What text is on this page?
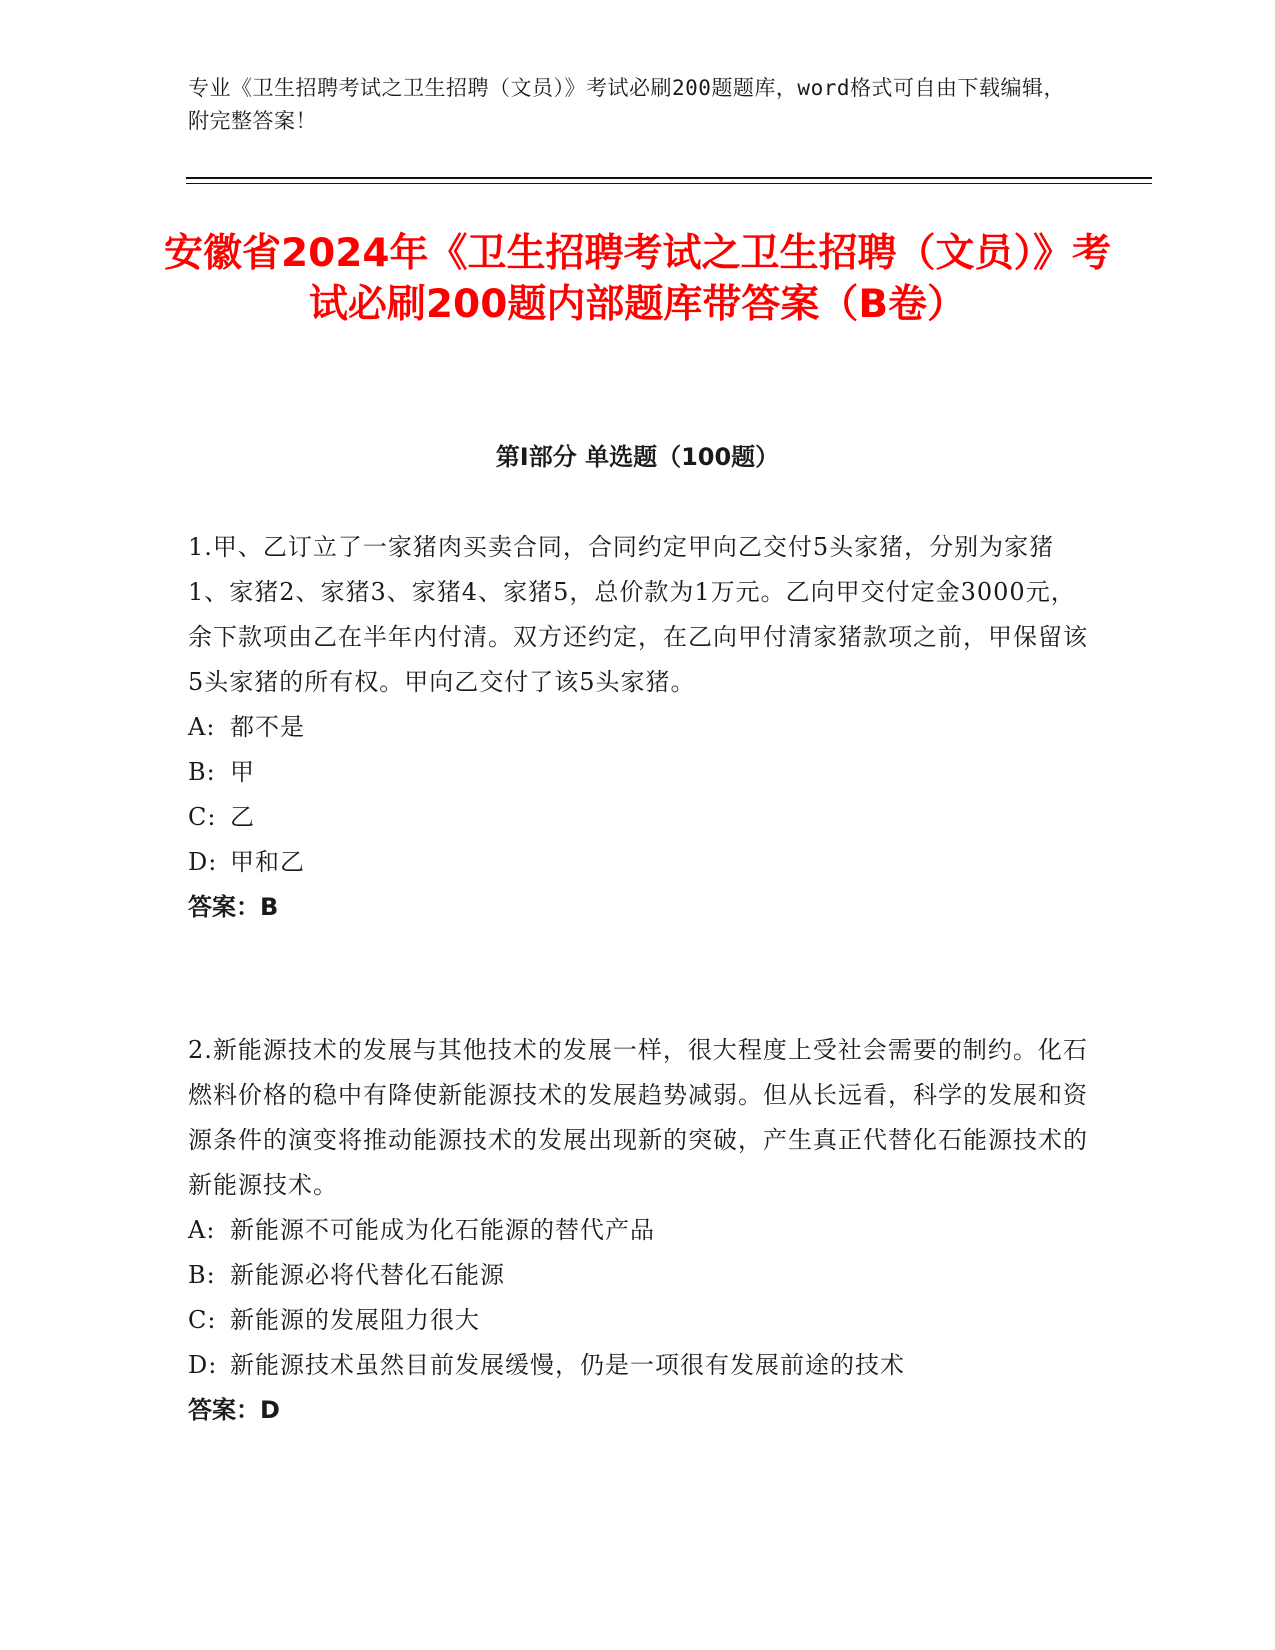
专业《卫生招聘考试之卫生招聘（文员）》考试必刷200题题库，word格式可自由下载编辑，附完整答案！
安徽省2024年《卫生招聘考试之卫生招聘（文员）》考试必刷200题内部题库带答案（B卷）
第I部分 单选题（100题）

1.甲、乙订立了一家猪肉买卖合同，合同约定甲向乙交付5头家猪，分别为家猪1、家猪2、家猪3、家猪4、家猪5，总价款为1万元。乙向甲交付定金3000元，余下款项由乙在半年内付清。双方还约定，在乙向甲付清家猪款项之前，甲保留该5头家猪的所有权。甲向乙交付了该5头家猪。

A: 都不是
B: 甲
C: 乙
D: 甲和乙
答案：B

2.新能源技术的发展与其他技术的发展一样，很大程度上受社会需要的制约。化石燃料价格的稳中有降使新能源技术的发展趋势减弱。但从长远看，科学的发展和资源条件的演变将推动能源技术的发展出现新的突破，产生真正代替化石能源技术的新能源技术。

A: 新能源不可能成为化石能源的替代产品
B: 新能源必将代替化石能源
C: 新能源的发展阻力很大
D: 新能源技术虽然目前发展缓慢，仍是一项很有发展前途的技术
答案：D
